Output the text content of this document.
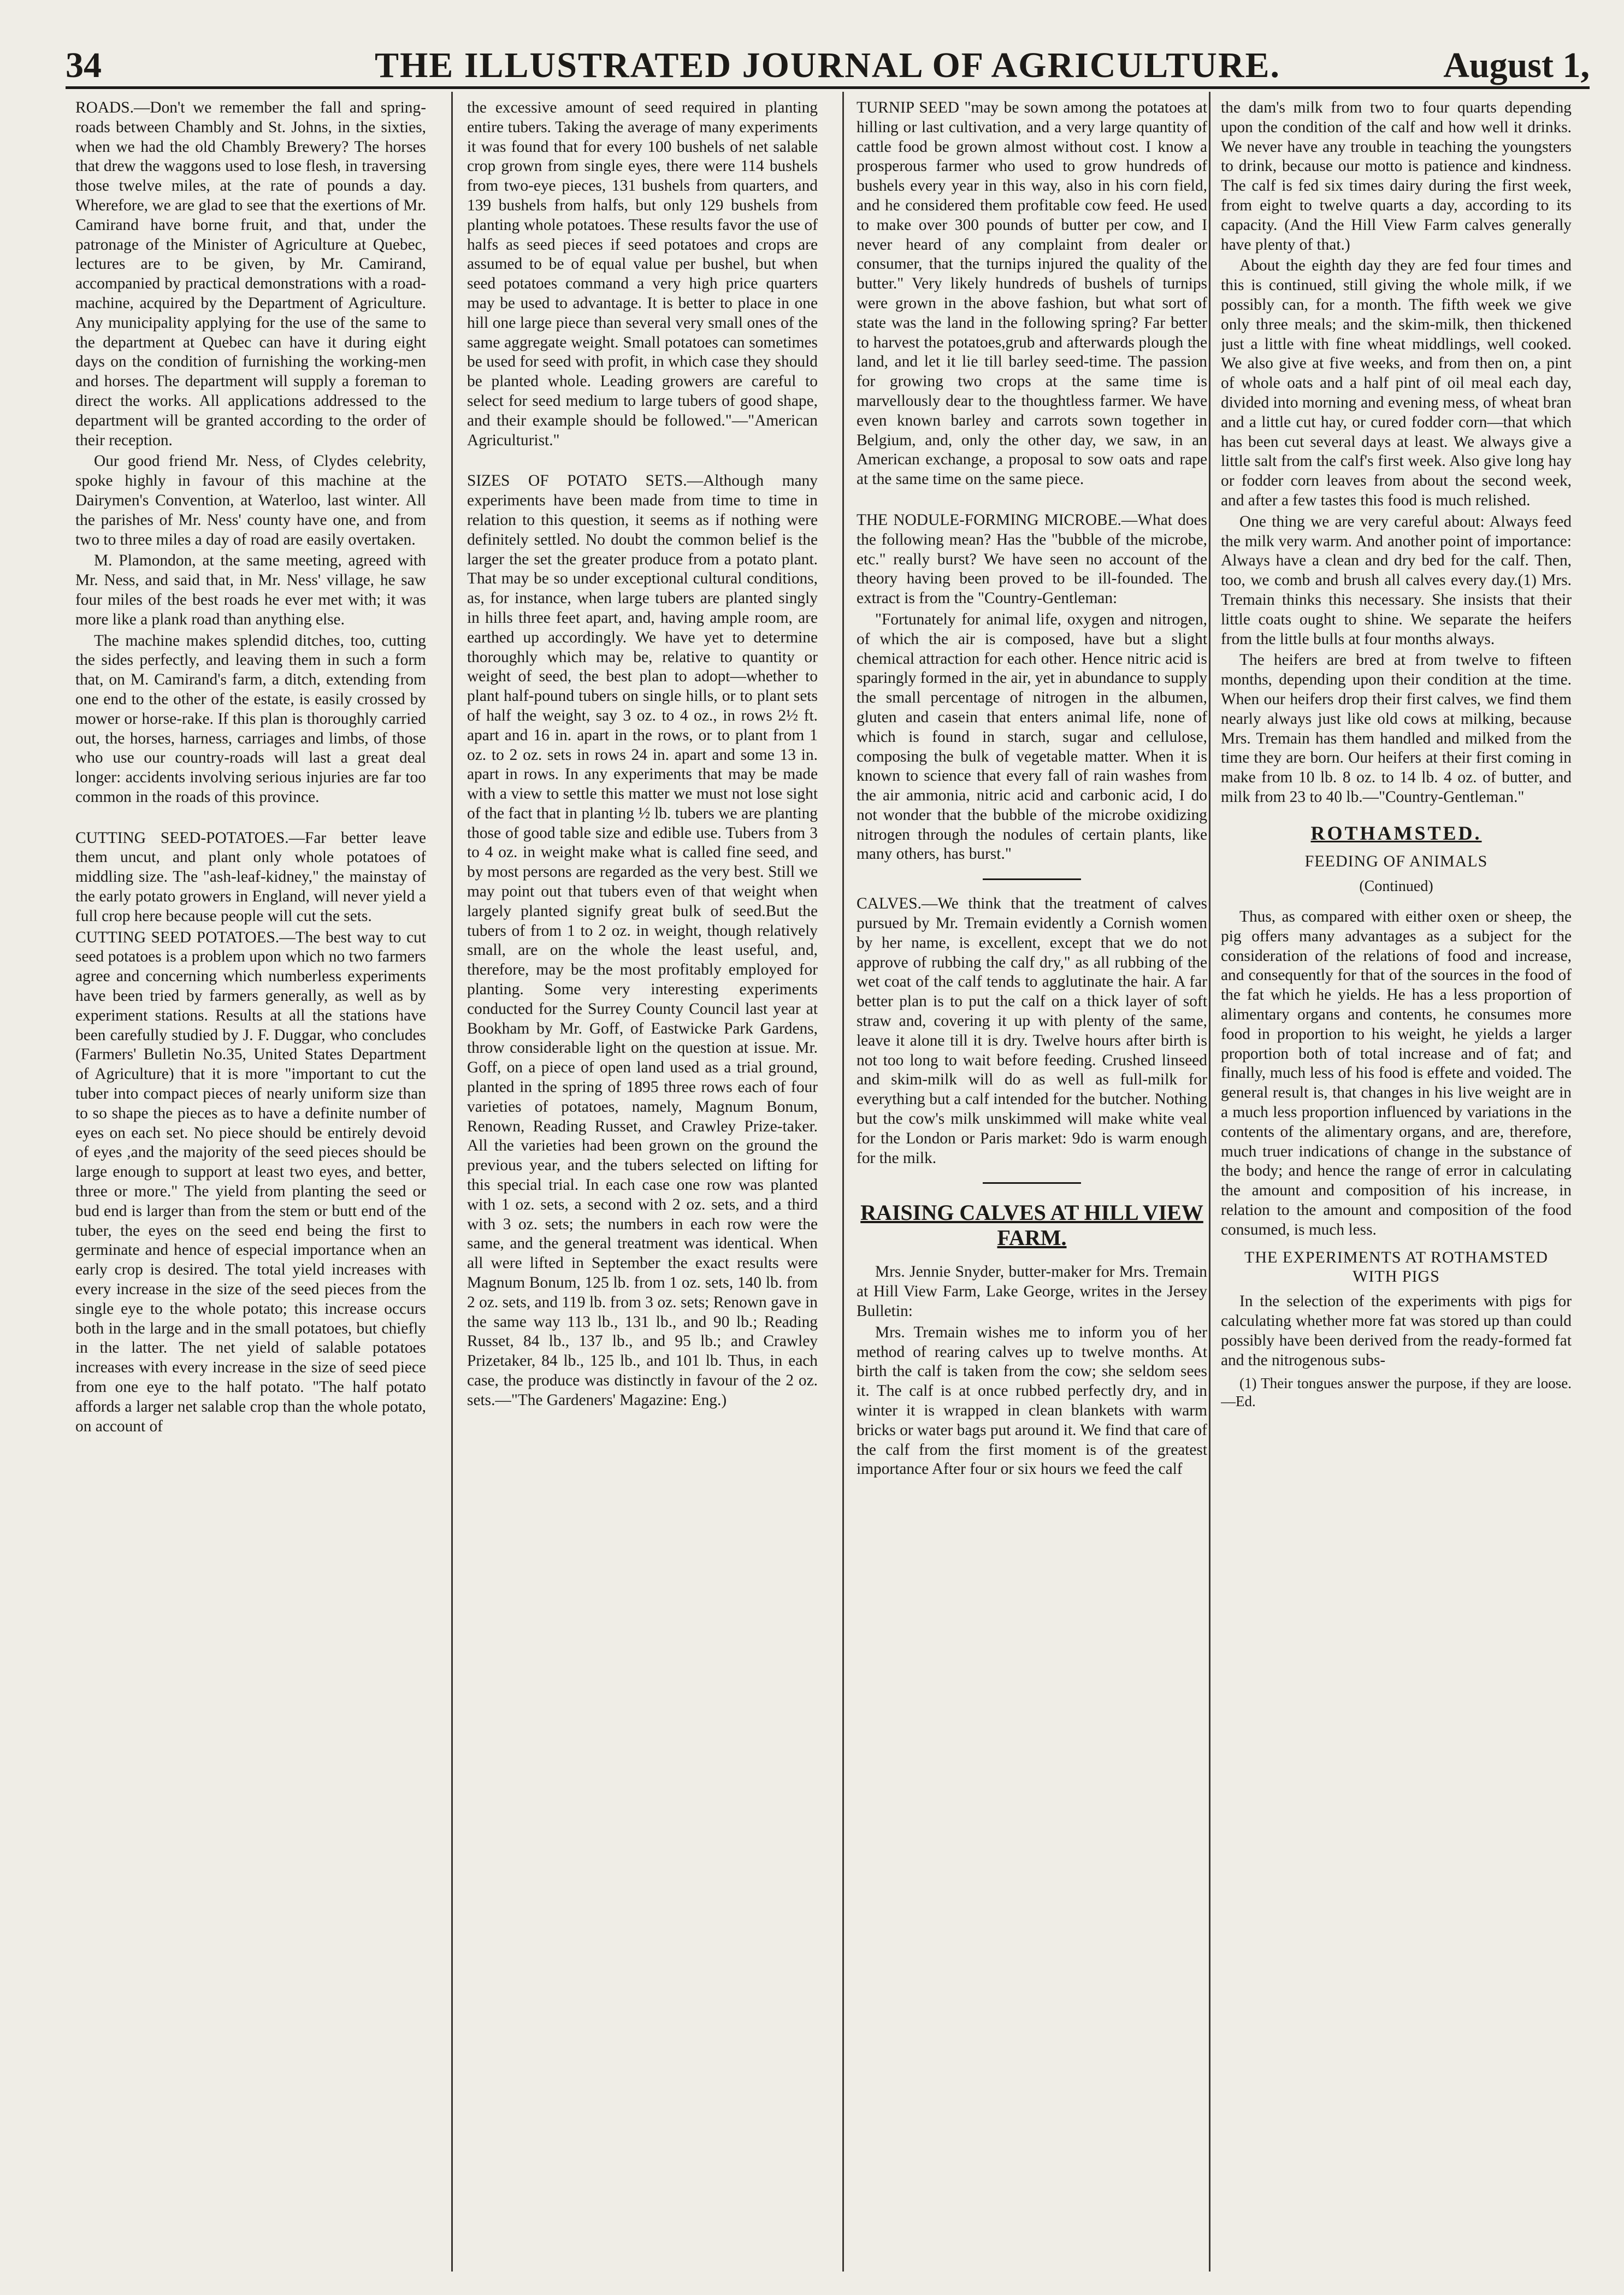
34	THE ILLUSTRATED JOURNAL OF AGRICULTURE.	August 1,

ROADS.—Don't we remember the fall and spring-roads between Chambly and St. Johns, in the sixties, when we had the old Chambly Brewery? The horses that drew the waggons used to lose flesh, in traversing those twelve miles, at the rate of pounds a day. Wherefore, we are glad to see that the exertions of Mr. Camirand have borne fruit, and that, under the patronage of the Minister of Agriculture at Quebec, lectures are to be given, by Mr. Camirand, accompanied by practical demonstrations with a road-machine, acquired by the Department of Agriculture. Any municipality applying for the use of the same to the department at Quebec can have it during eight days on the condition of furnishing the working-men and horses. The department will supply a foreman to direct the works. All applications addressed to the department will be granted according to the order of their reception.

Our good friend Mr. Ness, of Clydes celebrity, spoke highly in favour of this machine at the Dairymen's Convention, at Waterloo, last winter. All the parishes of Mr. Ness' county have one, and from two to three miles a day of road are easily overtaken.

M. Plamondon, at the same meeting, agreed with Mr. Ness, and said that, in Mr. Ness' village, he saw four miles of the best roads he ever met with; it was more like a plank road than anything else.

The machine makes splendid ditches, too, cutting the sides perfectly, and leaving them in such a form that, on M. Camirand's farm, a ditch, extending from one end to the other of the estate, is easily crossed by mower or horse-rake. If this plan is thoroughly carried out, the horses, harness, carriages and limbs, of those who use our country-roads will last a great deal longer: accidents involving serious injuries are far too common in the roads of this province.

CUTTING SEED-POTATOES.—Far better leave them uncut, and plant only whole potatoes of middling size. The "ash-leaf-kidney," the mainstay of the early potato growers in England, will never yield a full crop here because people will cut the sets.

CUTTING SEED POTATOES.—The best way to cut seed potatoes is a problem upon which no two farmers agree and concerning which numberless experiments have been tried by farmers generally, as well as by experiment stations. Results at all the stations have been carefully studied by J. F. Duggar, who concludes (Farmers' Bulletin No.35, United States Department of Agriculture) that it is more "important to cut the tuber into compact pieces of nearly uniform size than to so shape the pieces as to have a definite number of eyes on each set. No piece should be entirely devoid of eyes ,and the majority of the seed pieces should be large enough to support at least two eyes, and better, three or more." The yield from planting the seed or bud end is larger than from the stem or butt end of the tuber, the eyes on the seed end being the first to germinate and hence of especial importance when an early crop is desired. The total yield increases with every increase in the size of the seed pieces from the single eye to the whole potato; this increase occurs both in the large and in the small potatoes, but chiefly in the latter. The net yield of salable potatoes increases with every increase in the size of seed piece from one eye to the half potato. "The half potato affords a larger net salable crop than the whole potato, on account of

the excessive amount of seed required in planting entire tubers. Taking the average of many experiments it was found that for every 100 bushels of net salable crop grown from single eyes, there were 114 bushels from two-eye pieces, 131 bushels from quarters, and 139 bushels from halfs, but only 129 bushels from planting whole potatoes. These results favor the use of halfs as seed pieces if seed potatoes and crops are assumed to be of equal value per bushel, but when seed potatoes command a very high price quarters may be used to advantage. It is better to place in one hill one large piece than several very small ones of the same aggregate weight. Small potatoes can sometimes be used for seed with profit, in which case they should be planted whole. Leading growers are careful to select for seed medium to large tubers of good shape, and their example should be followed."—"American Agriculturist."

SIZES OF POTATO SETS.—Although many experiments have been made from time to time in relation to this question, it seems as if nothing were definitely settled. No doubt the common belief is the larger the set the greater produce from a potato plant. That may be so under exceptional cultural conditions, as, for instance, when large tubers are planted singly in hills three feet apart, and, having ample room, are earthed up accordingly. We have yet to determine thoroughly which may be, relative to quantity or weight of seed, the best plan to adopt—whether to plant half-pound tubers on single hills, or to plant sets of half the weight, say 3 oz. to 4 oz., in rows 2½ ft. apart and 16 in. apart in the rows, or to plant from 1 oz. to 2 oz. sets in rows 24 in. apart and some 13 in. apart in rows. In any experiments that may be made with a view to settle this matter we must not lose sight of the fact that in planting ½ lb. tubers we are planting those of good table size and edible use. Tubers from 3 to 4 oz. in weight make what is called fine seed, and by most persons are regarded as the very best. Still we may point out that tubers even of that weight when largely planted signify great bulk of seed.But the tubers of from 1 to 2 oz. in weight, though relatively small, are on the whole the least useful, and, therefore, may be the most profitably employed for planting. Some very interesting experiments conducted for the Surrey County Council last year at Bookham by Mr. Goff, of Eastwicke Park Gardens, throw considerable light on the question at issue. Mr. Goff, on a piece of open land used as a trial ground, planted in the spring of 1895 three rows each of four varieties of potatoes, namely, Magnum Bonum, Renown, Reading Russet, and Crawley Prize-taker. All the varieties had been grown on the ground the previous year, and the tubers selected on lifting for this special trial. In each case one row was planted with 1 oz. sets, a second with 2 oz. sets, and a third with 3 oz. sets; the numbers in each row were the same, and the general treatment was identical. When all were lifted in September the exact results were Magnum Bonum, 125 lb. from 1 oz. sets, 140 lb. from 2 oz. sets, and 119 lb. from 3 oz. sets; Renown gave in the same way 113 lb., 131 lb., and 90 lb.; Reading Russet, 84 lb., 137 lb., and 95 lb.; and Crawley Prizetaker, 84 lb., 125 lb., and 101 lb. Thus, in each case, the produce was distinctly in favour of the 2 oz. sets.—"The Gardeners' Magazine: Eng.)

TURNIP SEED "may be sown among the potatoes at hilling or last cultivation, and a very large quantity of cattle food be grown almost without cost. I know a prosperous farmer who used to grow hundreds of bushels every year in this way, also in his corn field, and he considered them profitable cow feed. He used to make over 300 pounds of butter per cow, and I never heard of any complaint from dealer or consumer, that the turnips injured the quality of the butter." Very likely hundreds of bushels of turnips were grown in the above fashion, but what sort of state was the land in the following spring? Far better to harvest the potatoes,grub and afterwards plough the land, and let it lie till barley seed-time. The passion for growing two crops at the same time is marvellously dear to the thoughtless farmer. We have even known barley and carrots sown together in Belgium, and, only the other day, we saw, in an American exchange, a proposal to sow oats and rape at the same time on the same piece.

THE NODULE-FORMING MICROBE.—What does the following mean? Has the "bubble of the microbe, etc." really burst? We have seen no account of the theory having been proved to be ill-founded. The extract is from the "Country-Gentleman:

"Fortunately for animal life, oxygen and nitrogen, of which the air is composed, have but a slight chemical attraction for each other. Hence nitric acid is sparingly formed in the air, yet in abundance to supply the small percentage of nitrogen in the albumen, gluten and casein that enters animal life, none of which is found in starch, sugar and cellulose, composing the bulk of vegetable matter. When it is known to science that every fall of rain washes from the air ammonia, nitric acid and carbonic acid, I do not wonder that the bubble of the microbe oxidizing nitrogen through the nodules of certain plants, like many others, has burst."

CALVES.—We think that the treatment of calves pursued by Mr. Tremain evidently a Cornish women by her name, is excellent, except that we do not approve of rubbing the calf dry," as all rubbing of the wet coat of the calf tends to agglutinate the hair. A far better plan is to put the calf on a thick layer of soft straw and, covering it up with plenty of the same, leave it alone till it is dry. Twelve hours after birth is not too long to wait before feeding. Crushed linseed and skim-milk will do as well as full-milk for everything but a calf intended for the butcher. Nothing but the cow's milk unskimmed will make white veal for the London or Paris market: 9do is warm enough for the milk.

RAISING CALVES AT HILL VIEW FARM.

Mrs. Jennie Snyder, butter-maker for Mrs. Tremain at Hill View Farm, Lake George, writes in the Jersey Bulletin:

Mrs. Tremain wishes me to inform you of her method of rearing calves up to twelve months. At birth the calf is taken from the cow; she seldom sees it. The calf is at once rubbed perfectly dry, and in winter it is wrapped in clean blankets with warm bricks or water bags put around it. We find that care of the calf from the first moment is of the greatest importance After four or six hours we feed the calf

the dam's milk from two to four quarts depending upon the condition of the calf and how well it drinks. We never have any trouble in teaching the youngsters to drink, because our motto is patience and kindness. The calf is fed six times dairy during the first week, from eight to twelve quarts a day, according to its capacity. (And the Hill View Farm calves generally have plenty of that.)

About the eighth day they are fed four times and this is continued, still giving the whole milk, if we possibly can, for a month. The fifth week we give only three meals; and the skim-milk, then thickened just a little with fine wheat middlings, well cooked. We also give at five weeks, and from then on, a pint of whole oats and a half pint of oil meal each day, divided into morning and evening mess, of wheat bran and a little cut hay, or cured fodder corn—that which has been cut several days at least. We always give a little salt from the calf's first week. Also give long hay or fodder corn leaves from about the second week, and after a few tastes this food is much relished.

One thing we are very careful about: Always feed the milk very warm. And another point of importance: Always have a clean and dry bed for the calf. Then, too, we comb and brush all calves every day.(1) Mrs. Tremain thinks this necessary. She insists that their little coats ought to shine. We separate the heifers from the little bulls at four months always.

The heifers are bred at from twelve to fifteen months, depending upon their condition at the time. When our heifers drop their first calves, we find them nearly always just like old cows at milking, because Mrs. Tremain has them handled and milked from the time they are born. Our heifers at their first coming in make from 10 lb. 8 oz. to 14 lb. 4 oz. of butter, and milk from 23 to 40 lb.—"Country-Gentleman."

ROTHAMSTED.
FEEDING OF ANIMALS
(Continued)

Thus, as compared with either oxen or sheep, the pig offers many advantages as a subject for the consideration of the relations of food and increase, and consequently for that of the sources in the food of the fat which he yields. He has a less proportion of alimentary organs and contents, he consumes more food in proportion to his weight, he yields a larger proportion both of total increase and of fat; and finally, much less of his food is effete and voided. The general result is, that changes in his live weight are in a much less proportion influenced by variations in the contents of the alimentary organs, and are, therefore, much truer indications of change in the substance of the body; and hence the range of error in calculating the amount and composition of his increase, in relation to the amount and composition of the food consumed, is much less.

THE EXPERIMENTS AT ROTHAMSTED WITH PIGS

In the selection of the experiments with pigs for calculating whether more fat was stored up than could possibly have been derived from the ready-formed fat and the nitrogenous subs-

(1) Their tongues answer the purpose, if they are loose.—Ed.
